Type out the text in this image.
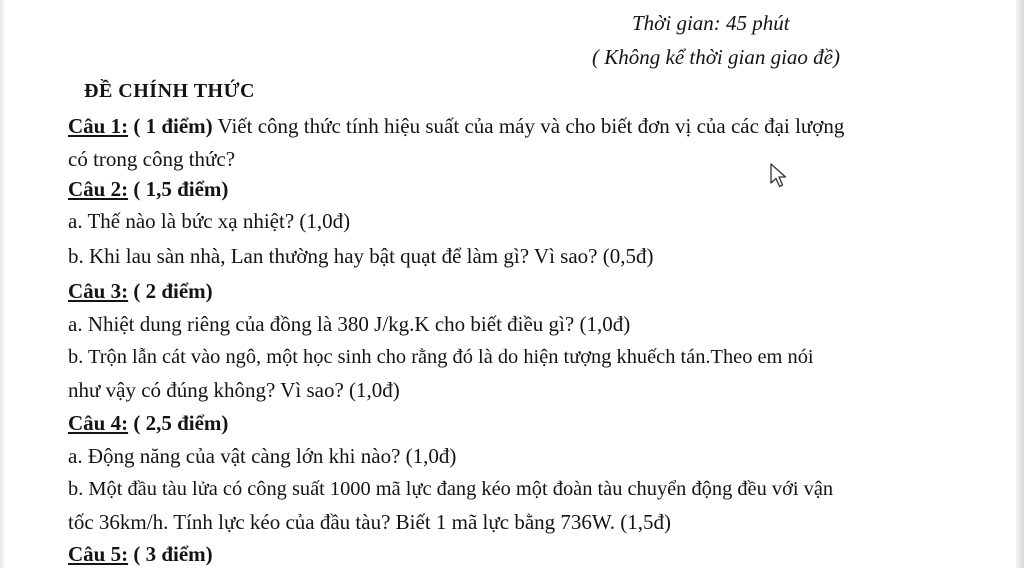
Thời gian: 45 phút
( Không kể thời gian giao đề)
ĐỀ CHÍNH THỨC
Câu 1: ( 1 điểm) Viết công thức tính hiệu suất của máy và cho biết đơn vị của các đại lượng
có trong công thức?
Câu 2: ( 1,5 điểm)
a. Thế nào là bức xạ nhiệt? (1,0đ)
b. Khi lau sàn nhà, Lan thường hay bật quạt để làm gì? Vì sao? (0,5đ)
Câu 3: ( 2 điểm)
a. Nhiệt dung riêng của đồng là 380 J/kg.K cho biết điều gì? (1,0đ)
b. Trộn lẫn cát vào ngô, một học sinh cho rằng đó là do hiện tượng khuếch tán.Theo em nói
như vậy có đúng không? Vì sao? (1,0đ)
Câu 4: ( 2,5 điểm)
a. Động năng của vật càng lớn khi nào? (1,0đ)
b. Một đầu tàu lửa có công suất 1000 mã lực đang kéo một đoàn tàu chuyển động đều với vận
tốc 36km/h. Tính lực kéo của đầu tàu? Biết 1 mã lực bằng 736W. (1,5đ)
Câu 5: ( 3 điểm)
